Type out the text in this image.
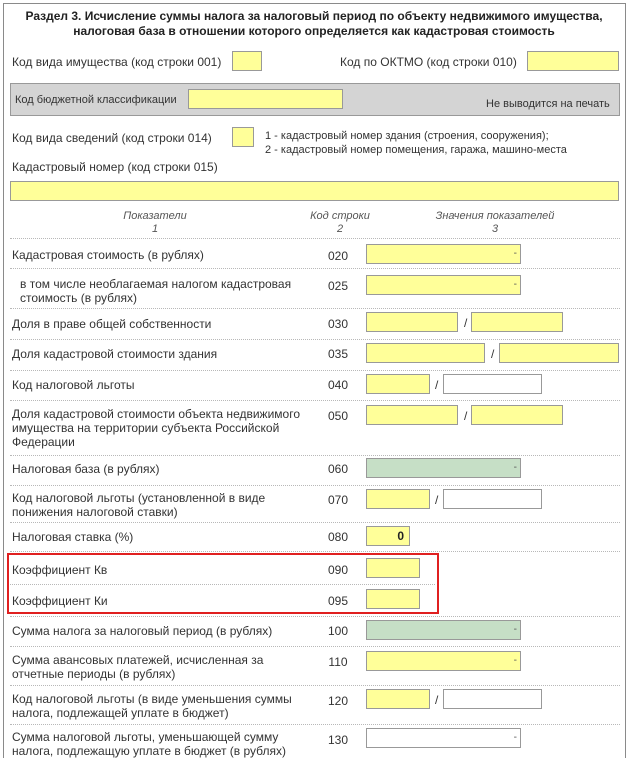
Раздел 3. Исчисление суммы налога за налоговый период по объекту недвижимого имущества, налоговая база в отношении которого определяется как кадастровая стоимость
Код вида имущества (код строки 001)	Код по ОКТМО (код строки 010)
Код бюджетной классификации	Не выводится на печать
Код вида сведений (код строки 014)	1 - кадастровый номер здания (строения, сооружения);
2 - кадастровый номер помещения, гаража, машино-места
Кадастровый номер (код строки 015)
Показатели
1
Код строки
2
Значения показателей
3
Кадастровая стоимость (в рублях)	020	-
в том числе необлагаемая налогом кадастровая стоимость (в рублях)
025	-
Доля в праве общей собственности	030	/
Доля кадастровой стоимости здания	035	/
Код налоговой льготы	040	/
Доля кадастровой стоимости объекта недвижимого имущества на территории субъекта Российской Федерации
050	/
Налоговая база (в рублях)	060	-
Код налоговой льготы (установленной в виде понижения налоговой ставки)
070	/
Налоговая ставка (%)	080	0
Коэффициент Кв	090
Коэффициент Ки	095
Сумма налога за налоговый период (в рублях)	100	-
Сумма авансовых платежей, исчисленная за отчетные периоды (в рублях)
110	-
Код налоговой льготы (в виде уменьшения суммы налога, подлежащей уплате в бюджет)
120	/
Сумма налоговой льготы, уменьшающей сумму налога, подлежащую уплате в бюджет (в рублях)
130	-
